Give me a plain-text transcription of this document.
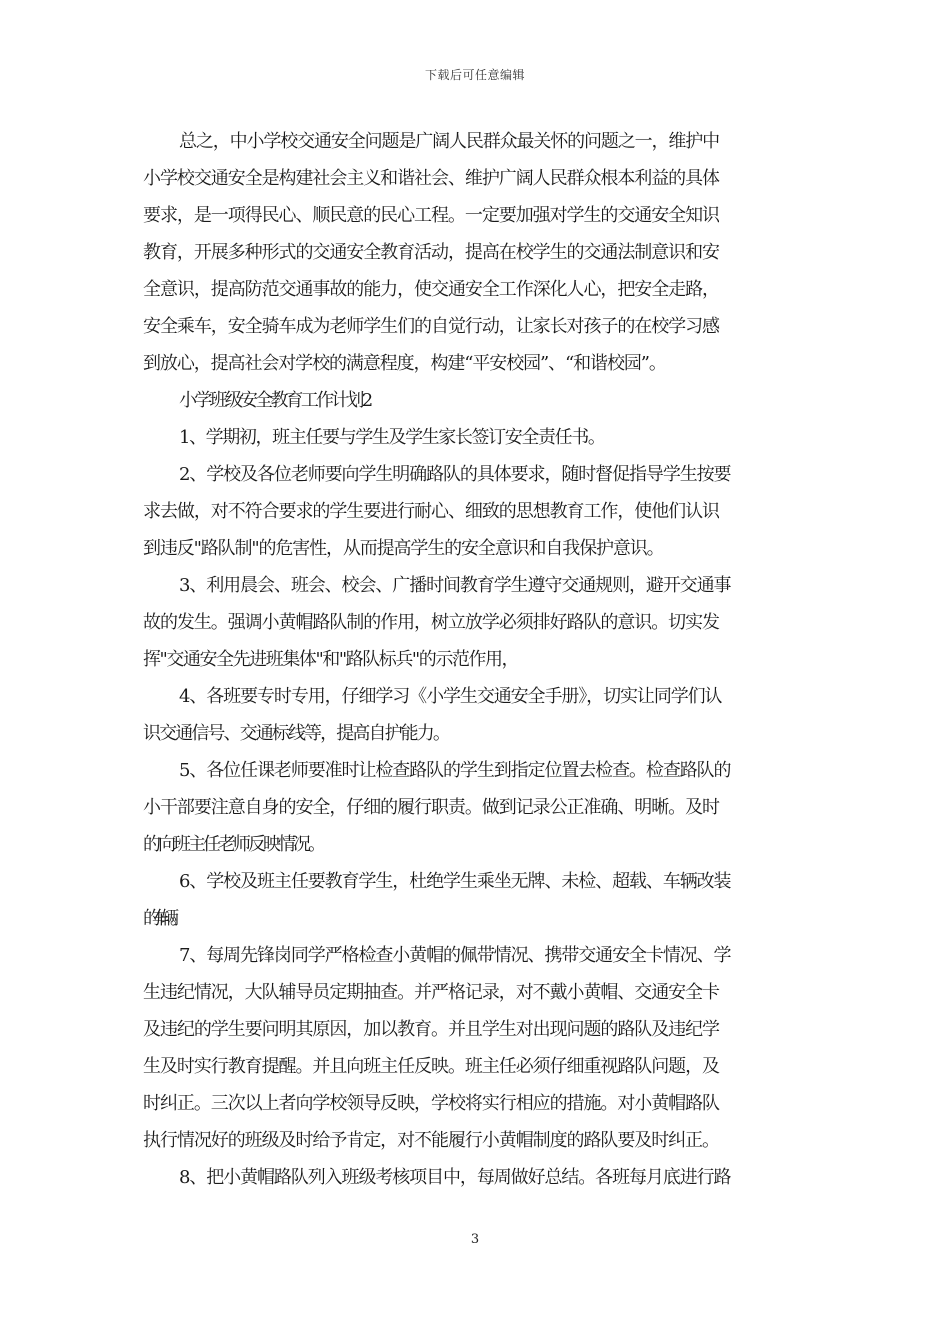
下载后可任意编辑

总之，中小学校交通安全问题是广阔人民群众最关怀的问题之一，维护中
小学校交通安全是构建社会主义和谐社会、维护广阔人民群众根本利益的具体
要求，是一项得民心、顺民意的民心工程。一定要加强对学生的交通安全知识
教育，开展多种形式的交通安全教育活动，提高在校学生的交通法制意识和安
全意识，提高防范交通事故的能力，使交通安全工作深化人心，把安全走路，
安全乘车，安全骑车成为老师学生们的自觉行动，让家长对孩子的在校学习感
到放心，提高社会对学校的满意程度，构建“平安校园”、“和谐校园”。

小学班级安全教育工作计划2

1、学期初，班主任要与学生及学生家长签订安全责任书。

2、学校及各位老师要向学生明确路队的具体要求，随时督促指导学生按要
求去做，对不符合要求的学生要进行耐心、细致的思想教育工作，使他们认识
到违反"路队制"的危害性，从而提高学生的安全意识和自我保护意识。

3、利用晨会、班会、校会、广播时间教育学生遵守交通规则，避开交通事
故的发生。强调小黄帽路队制的作用，树立放学必须排好路队的意识。切实发
挥"交通安全先进班集体"和"路队标兵"的示范作用，

4、各班要专时专用，仔细学习《小学生交通安全手册》，切实让同学们认
识交通信号、交通标线等，提高自护能力。

5、各位任课老师要准时让检查路队的学生到指定位置去检查。检查路队的
小干部要注意自身的安全，仔细的履行职责。做到记录公正准确、明晰。及时
的向班主任老师反映情况。

6、学校及班主任要教育学生，杜绝学生乘坐无牌、未检、超载、车辆改装
的车辆。

7、每周先锋岗同学严格检查小黄帽的佩带情况、携带交通安全卡情况、学
生违纪情况，大队辅导员定期抽查。并严格记录，对不戴小黄帽、交通安全卡
及违纪的学生要问明其原因，加以教育。并且学生对出现问题的路队及违纪学
生及时实行教育提醒。并且向班主任反映。班主任必须仔细重视路队问题，及
时纠正。三次以上者向学校领导反映，学校将实行相应的措施。对小黄帽路队
执行情况好的班级及时给予肯定，对不能履行小黄帽制度的路队要及时纠正。

8、把小黄帽路队列入班级考核项目中，每周做好总结。各班每月底进行路

3
